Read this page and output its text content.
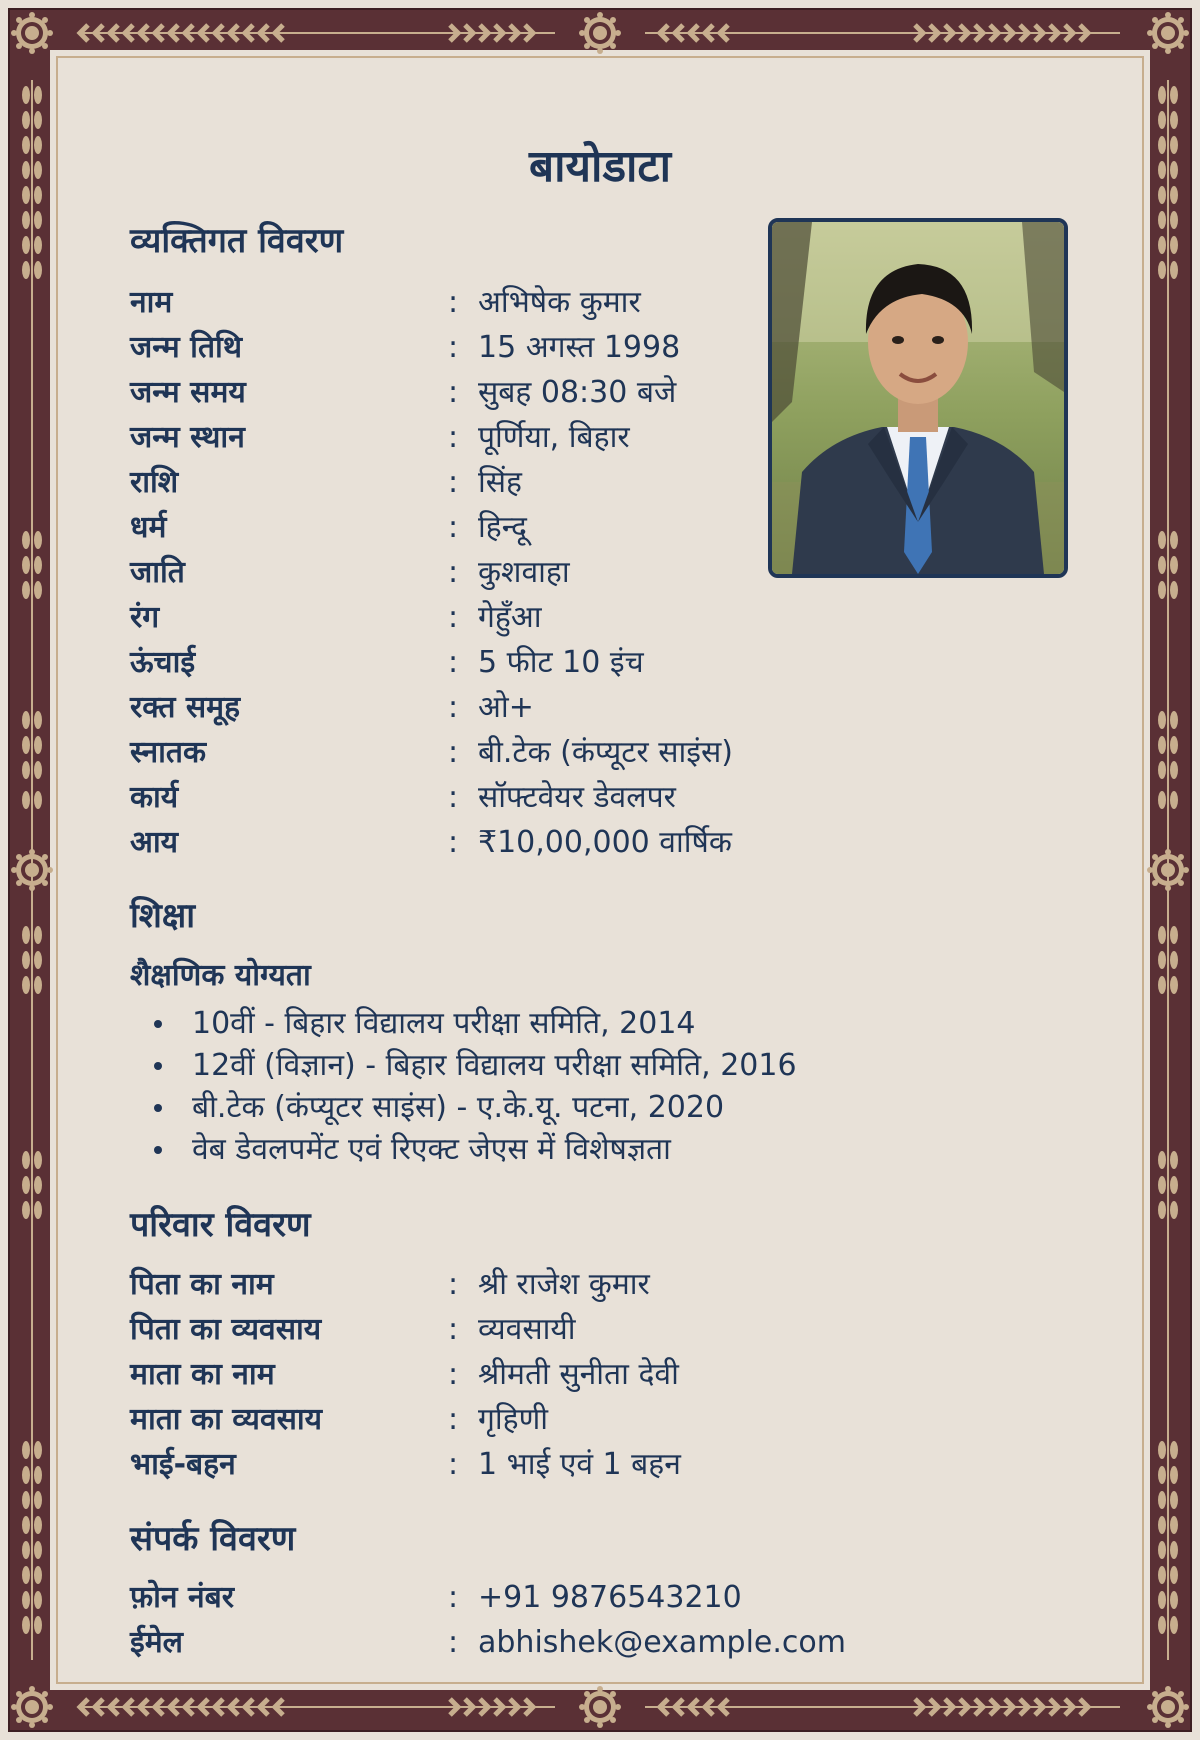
बायोडाटा
व्यक्तिगत विवरण
नाम	: अभिषेक कुमार
जन्म तिथि	: 15 अगस्त 1998
जन्म समय	: सुबह 08:30 बजे
जन्म स्थान	: पूर्णिया, बिहार
राशि	: सिंह
धर्म	: हिन्दू
जाति	: कुशवाहा
रंग	: गेहुँआ
ऊंचाई	: 5 फीट 10 इंच
रक्त समूह	: ओ+
स्नातक	: बी.टेक (कंप्यूटर साइंस)
कार्य	: सॉफ्टवेयर डेवलपर
आय	: ₹10,00,000 वार्षिक
शिक्षा
शैक्षणिक योग्यता
10वीं - बिहार विद्यालय परीक्षा समिति, 2014
12वीं (विज्ञान) - बिहार विद्यालय परीक्षा समिति, 2016
बी.टेक (कंप्यूटर साइंस) - ए.के.यू. पटना, 2020
वेब डेवलपमेंट एवं रिएक्ट जेएस में विशेषज्ञता
परिवार विवरण
पिता का नाम	: श्री राजेश कुमार
पिता का व्यवसाय	: व्यवसायी
माता का नाम	: श्रीमती सुनीता देवी
माता का व्यवसाय	: गृहिणी
भाई-बहन	: 1 भाई एवं 1 बहन
संपर्क विवरण
फ़ोन नंबर	: +91 9876543210
ईमेल	: abhishek@example.com
